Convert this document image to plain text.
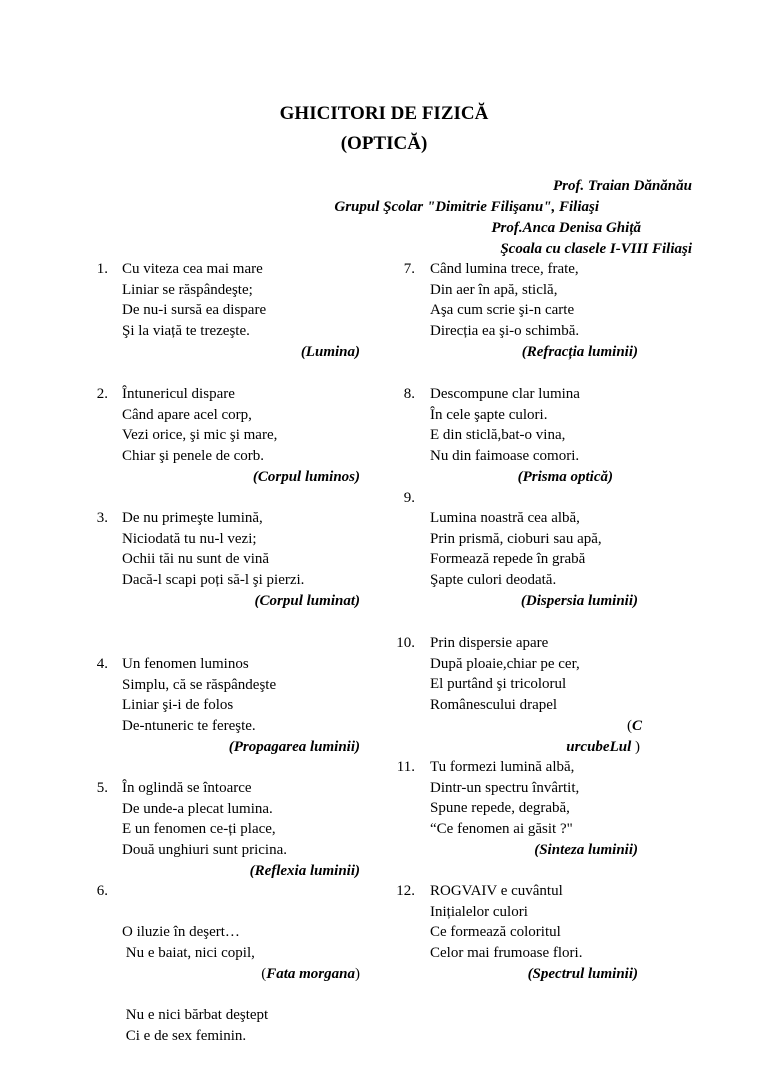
GHICITORI DE FIZICĂ
(OPTICĂ)
Prof. Traian Dănănău
Grupul Şcolar "Dimitrie Filişanu", Filiaşi
Prof.Anca Denisa Ghiță
Şcoala cu clasele I-VIII Filiaşi
1. Cu viteza cea mai mare
Liniar se răspândeşte;
De nu-i sursă ea dispare
Şi la viață te trezeşte.
(Lumina)
2. Întunericul dispare
Când apare acel corp,
Vezi orice, şi mic şi mare,
Chiar şi penele de corb.
(Corpul luminos)
3. De nu primeşte lumină,
Niciodată tu nu-l vezi;
Ochii tăi nu sunt de vină
Dacă-l scapi poți să-l şi pierzi.
(Corpul luminat)
4. Un fenomen luminos
Simplu, că se răspândeşte
Liniar şi-i de folos
De-ntuneric te fereşte.
(Propagarea luminii)
5. În oglindă se întoarce
De unde-a plecat lumina.
E un fenomen ce-ți place,
Două unghiuri sunt pricina.
(Reflexia luminii)
6.

O iluzie în deşert…
Nu e baiat, nici copil,

Nu e nici bărbat deştept
Ci e de sex feminin.

(Fata morgana)
7. Când lumina trece, frate,
Din aer în apă, sticlă,
Aşa cum scrie şi-n carte
Direcția ea şi-o schimbă.
(Refracția luminii)
8. Descompune clar lumina
În cele şapte culori.
E din sticlă,bat-o vina,
Nu din faimoase comori.
(Prisma optică)
9.
Lumina noastră cea albă,
Prin prismă, cioburi sau apă,
Formează repede în grabă
Şapte culori deodată.
(Dispersia luminii)
10. Prin dispersie apare
După ploaie,chiar pe cer,
El purtând şi tricolorul
Românescului drapel
(C
urcubeLul )
11. Tu formezi lumină albă,
Dintr-un spectru învârtit,
Spune repede, degrabă,
“Ce fenomen ai găsit ?"
(Sinteza luminii)
12. ROGVAIV e cuvântul
Inițialelor culori
Ce formează coloritul
Celor mai frumoase flori.
(Spectrul luminii)
